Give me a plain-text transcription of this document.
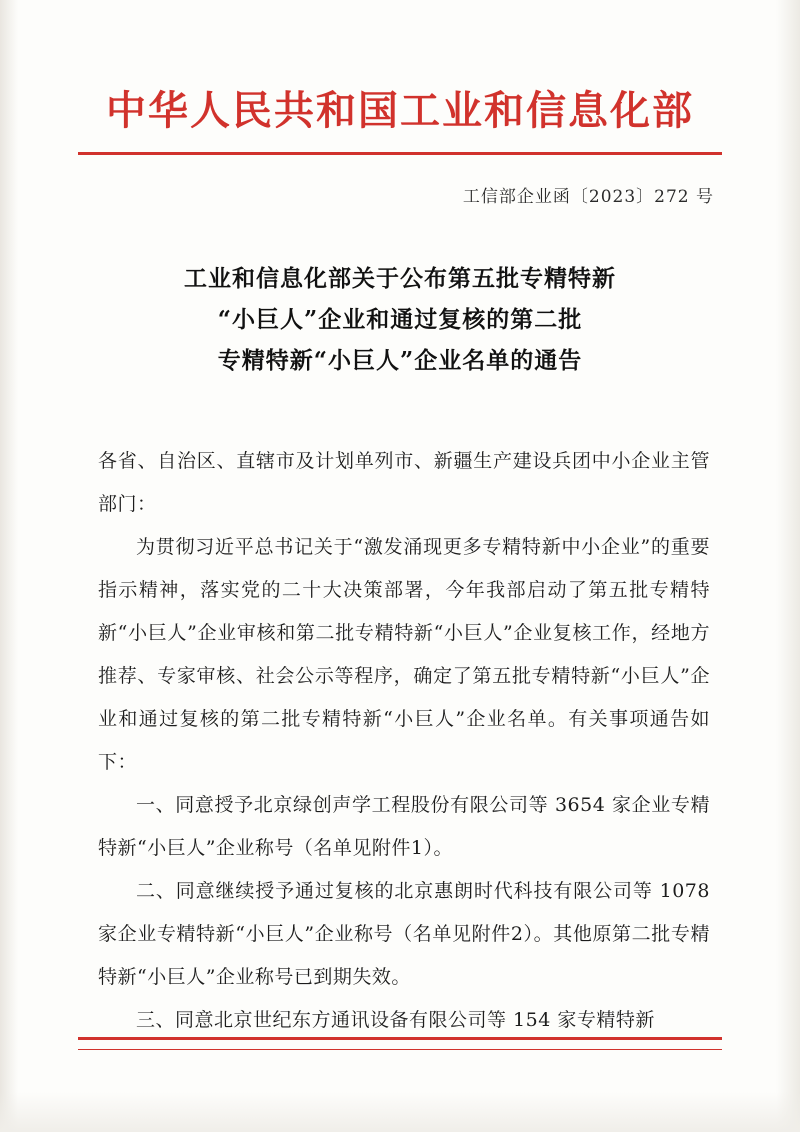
中华人民共和国工业和信息化部
工信部企业函〔2023〕272 号
工业和信息化部关于公布第五批专精特新
“小巨人”企业和通过复核的第二批
专精特新“小巨人”企业名单的通告

各省、自治区、直辖市及计划单列市、新疆生产建设兵团中小企业主管部门：

为贯彻习近平总书记关于“激发涌现更多专精特新中小企业”的重要指示精神，落实党的二十大决策部署，今年我部启动了第五批专精特新“小巨人”企业审核和第二批专精特新“小巨人”企业复核工作，经地方推荐、专家审核、社会公示等程序，确定了第五批专精特新“小巨人”企业和通过复核的第二批专精特新“小巨人”企业名单。有关事项通告如下：

一、同意授予北京绿创声学工程股份有限公司等 3654 家企业专精特新“小巨人”企业称号（名单见附件1）。

二、同意继续授予通过复核的北京惠朗时代科技有限公司等 1078 家企业专精特新“小巨人”企业称号（名单见附件2）。其他原第二批专精特新“小巨人”企业称号已到期失效。

三、同意北京世纪东方通讯设备有限公司等 154 家专精特新
